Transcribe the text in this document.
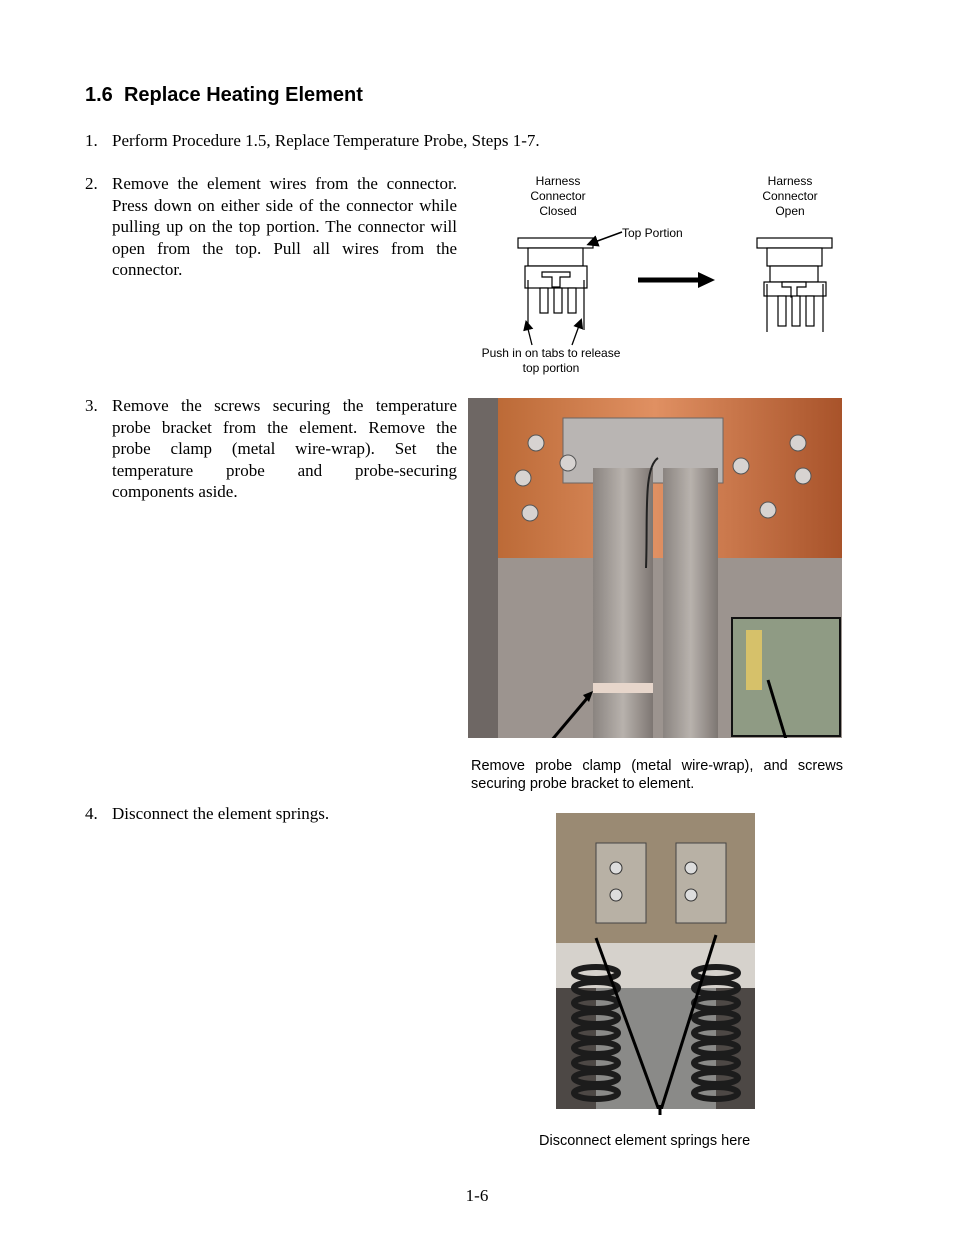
1.6 Replace Heating Element
1. Perform Procedure 1.5, Replace Temperature Probe, Steps 1-7.
2. Remove the element wires from the connector. Press down on either side of the connector while pulling up on the top portion. The connector will open from the top. Pull all wires from the connector.
3. Remove the screws securing the temperature probe bracket from the element. Remove the probe clamp (metal wire-wrap). Set the temperature probe and probe-securing components aside.
4. Disconnect the element springs.
Harness Connector Closed
Harness Connector Open
Top Portion
Push in on tabs to release top portion
Remove probe clamp (metal wire-wrap), and screws securing probe bracket to element.
Disconnect element springs here
1-6
